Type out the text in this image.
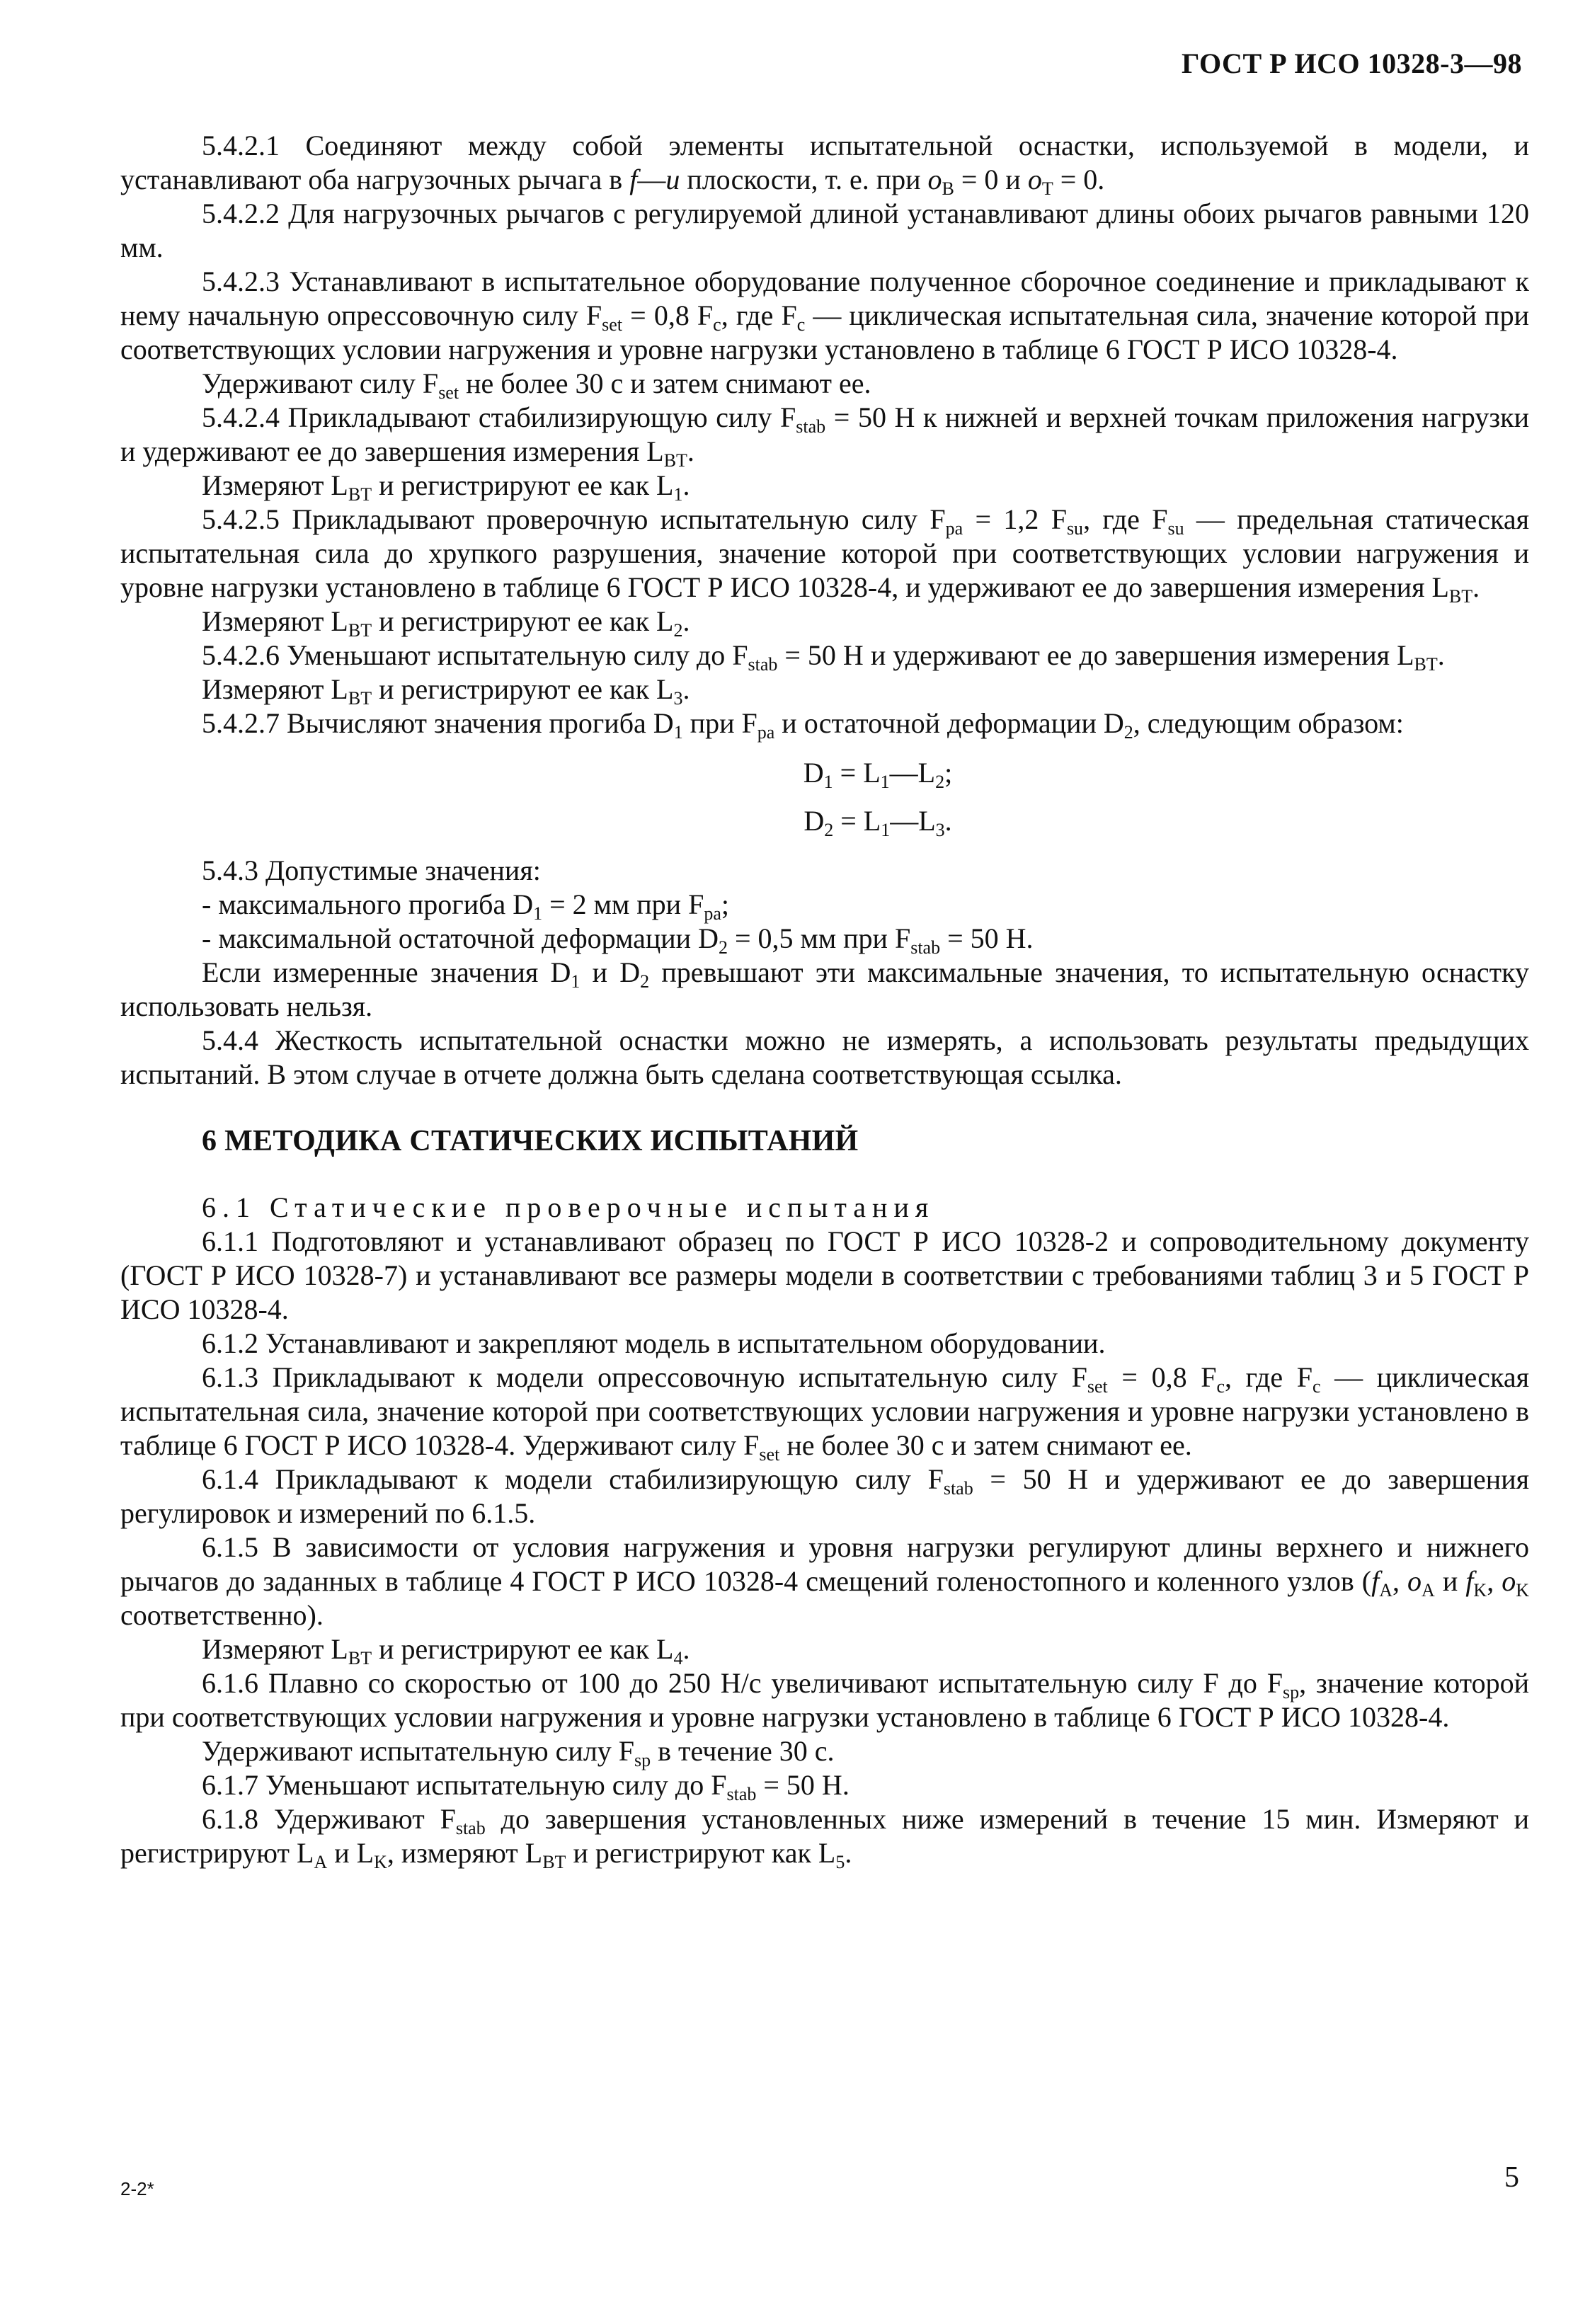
ГОСТ Р ИСО 10328-3—98

5.4.2.1 Соединяют между собой элементы испытательной оснастки, используемой в модели, и устанавливают оба нагрузочных рычага в f—u плоскости, т. е. при $o_B = 0$ и $o_T = 0$.

5.4.2.2 Для нагрузочных рычагов с регулируемой длиной устанавливают длины обоих рычагов равными 120 мм.

5.4.2.3 Устанавливают в испытательное оборудование полученное сборочное соединение и прикладывают к нему начальную опрессовочную силу $F_{set} = 0,8$ $F_c$, где $F_c$ — циклическая испытательная сила, значение которой при соответствующих условии нагружения и уровне нагрузки установлено в таблице 6 ГОСТ Р ИСО 10328-4.

Удерживают силу $F_{set}$ не более 30 с и затем снимают ее.

5.4.2.4 Прикладывают стабилизирующую силу $F_{stab} = 50$ Н к нижней и верхней точкам приложения нагрузки и удерживают ее до завершения измерения $L_{BT}$.

Измеряют $L_{BT}$ и регистрируют ее как $L_1$.

5.4.2.5 Прикладывают проверочную испытательную силу $F_{pa} = 1,2$ $F_{su}$, где $F_{su}$ — предельная статическая испытательная сила до хрупкого разрушения, значение которой при соответствующих условии нагружения и уровне нагрузки установлено в таблице 6 ГОСТ Р ИСО 10328-4, и удерживают ее до завершения измерения $L_{BT}$.

Измеряют $L_{BT}$ и регистрируют ее как $L_2$.

5.4.2.6 Уменьшают испытательную силу до $F_{stab} = 50$ Н и удерживают ее до завершения измерения $L_{BT}$.

Измеряют $L_{BT}$ и регистрируют ее как $L_3$.

5.4.2.7 Вычисляют значения прогиба $D_1$ при $F_{pa}$ и остаточной деформации $D_2$, следующим образом:

$D_1$ = $L_1—L_2$;

$D_2$ = $L_1—L_3$.

5.4.3 Допустимые значения:

- максимального прогиба $D_1 = 2$ мм при $F_{pa}$;

- максимальной остаточной деформации $D_2 = 0,5$ мм при $F_{stab} = 50$ Н.

Если измеренные значения $D_1$ и $D_2$ превышают эти максимальные значения, то испытательную оснастку использовать нельзя.

5.4.4 Жесткость испытательной оснастки можно не измерять, а использовать результаты предыдущих испытаний. В этом случае в отчете должна быть сделана соответствующая ссылка.

6 МЕТОДИКА СТАТИЧЕСКИХ ИСПЫТАНИЙ

6.1 Статические проверочные испытания

6.1.1 Подготовляют и устанавливают образец по ГОСТ Р ИСО 10328-2 и сопроводительному документу (ГОСТ Р ИСО 10328-7) и устанавливают все размеры модели в соответствии с требованиями таблиц 3 и 5 ГОСТ Р ИСО 10328-4.

6.1.2 Устанавливают и закрепляют модель в испытательном оборудовании.

6.1.3 Прикладывают к модели опрессовочную испытательную силу $F_{set} = 0,8$ $F_c$, где $F_c$ — циклическая испытательная сила, значение которой при соответствующих условии нагружения и уровне нагрузки установлено в таблице 6 ГОСТ Р ИСО 10328-4. Удерживают силу $F_{set}$ не более 30 с и затем снимают ее.

6.1.4 Прикладывают к модели стабилизирующую силу $F_{stab} = 50$ Н и удерживают ее до завершения регулировок и измерений по 6.1.5.

6.1.5 В зависимости от условия нагружения и уровня нагрузки регулируют длины верхнего и нижнего рычагов до заданных в таблице 4 ГОСТ Р ИСО 10328-4 смещений голеностопного и коленного узлов ($f_A$, $o_A$ и $f_K$, $o_K$ соответственно).

Измеряют $L_{BT}$ и регистрируют ее как $L_4$.

6.1.6 Плавно со скоростью от 100 до 250 Н/с увеличивают испытательную силу F до $F_{sp}$, значение которой при соответствующих условии нагружения и уровне нагрузки установлено в таблице 6 ГОСТ Р ИСО 10328-4.

Удерживают испытательную силу $F_{sp}$ в течение 30 с.

6.1.7 Уменьшают испытательную силу до $F_{stab} = 50$ Н.

6.1.8 Удерживают $F_{stab}$ до завершения установленных ниже измерений в течение 15 мин. Измеряют и регистрируют $L_A$ и $L_K$, измеряют $L_{BT}$ и регистрируют как $L_5$.

2-2*	5
